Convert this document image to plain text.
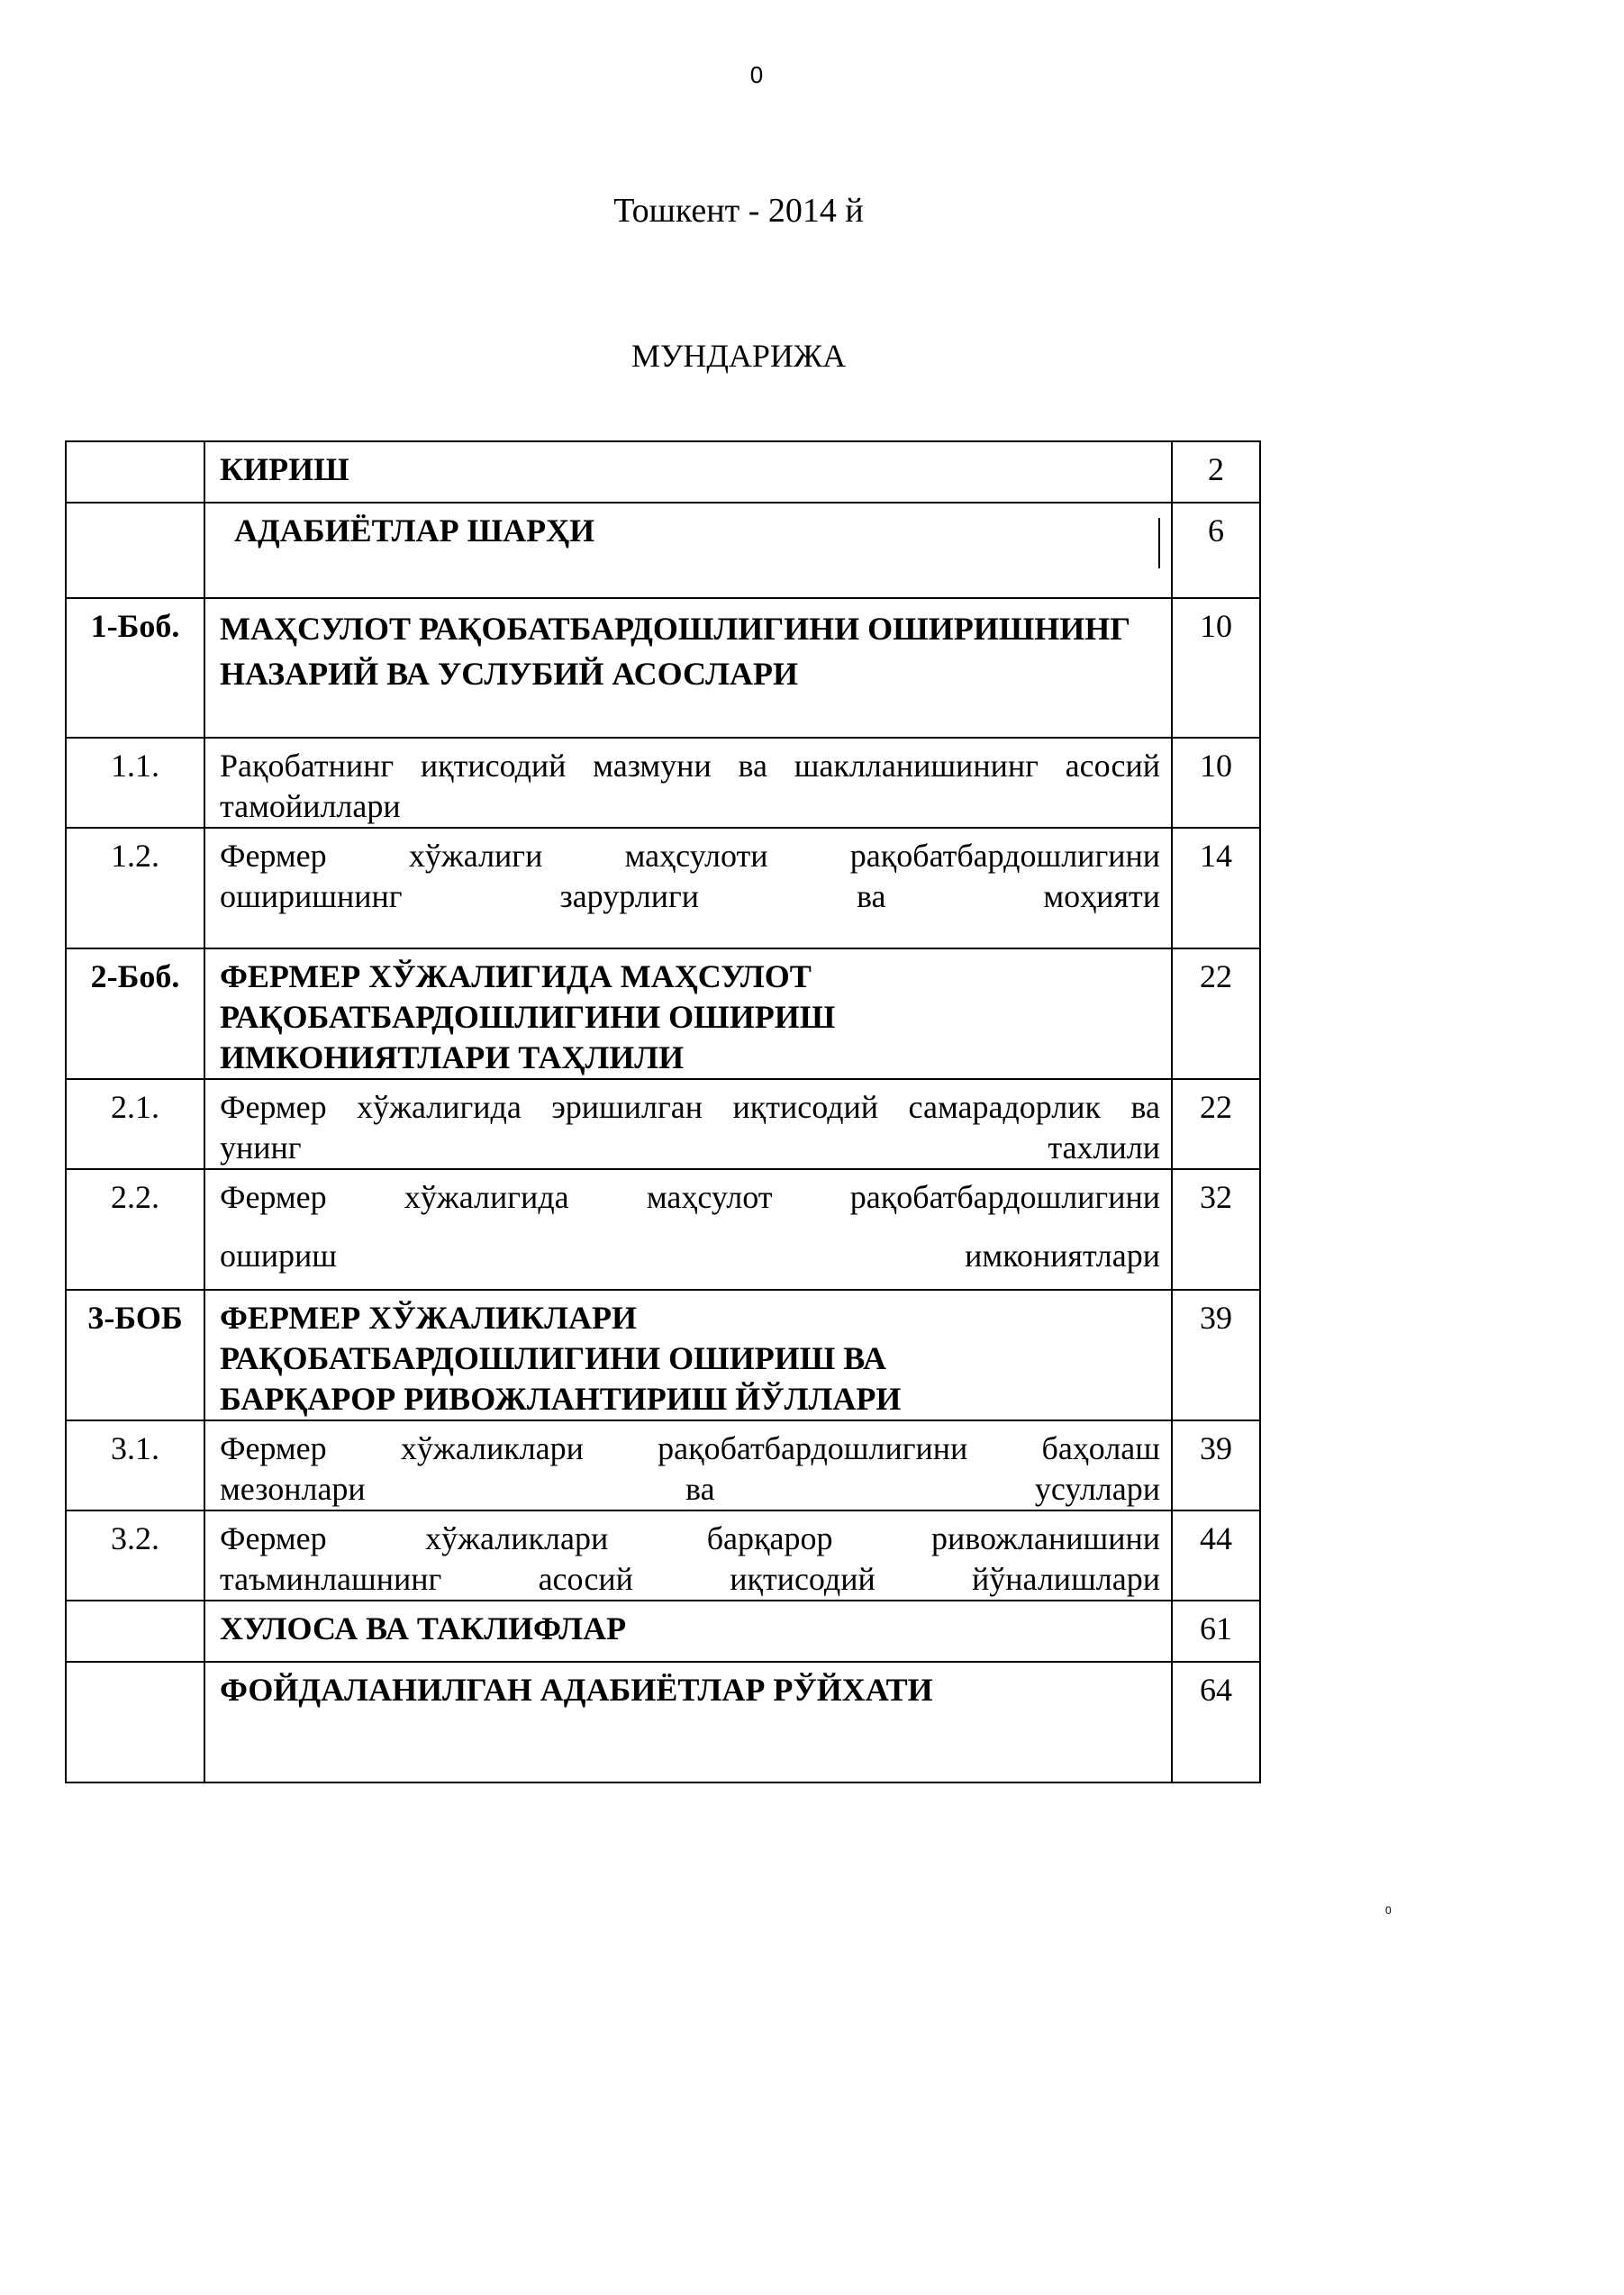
0
Тошкент - 2014 й
МУНДАРИЖА
	КИРИШ	2
	АДАБИЁТЛАР ШАРҲИ	6
1-Боб.	МАҲСУЛОТ РАҚОБАТБАРДОШЛИГИНИ ОШИРИШНИНГ НАЗАРИЙ ВА УСЛУБИЙ АСОСЛАРИ	10
1.1.	Рақобатнинг иқтисодий мазмуни ва шаклланишининг асосий
тамойиллари	10
1.2.	Фермер хўжалиги маҳсулоти рақобатбардошлигини
оширишнинг зарурлиги ва моҳияти	14
2-Боб.	ФЕРМЕР ХЎЖАЛИГИДА МАҲСУЛОТ РАҚОБАТБАРДОШЛИГИНИ ОШИРИШ ИМКОНИЯТЛАРИ ТАҲЛИЛИ	22
2.1.	Фермер хўжалигида эришилган иқтисодий самарадорлик ва
унинг тахлили	22
2.2.	Фермер хўжалигида маҳсулот рақобатбардошлигини
ошириш имкониятлари	32
3-БОБ	ФЕРМЕР ХЎЖАЛИКЛАРИ РАҚОБАТБАРДОШЛИГИНИ ОШИРИШ ВА БАРҚАРОР РИВОЖЛАНТИРИШ ЙЎЛЛАРИ	39
3.1.	Фермер хўжаликлари рақобатбардошлигини баҳолаш
мезонлари ва усуллари	39
3.2.	Фермер хўжаликлари барқарор ривожланишини
таъминлашнинг асосий иқтисодий йўналишлари	44
	ХУЛОСА ВА ТАКЛИФЛАР	61
	ФОЙДАЛАНИЛГАН АДАБИЁТЛАР РЎЙХАТИ	64
0
